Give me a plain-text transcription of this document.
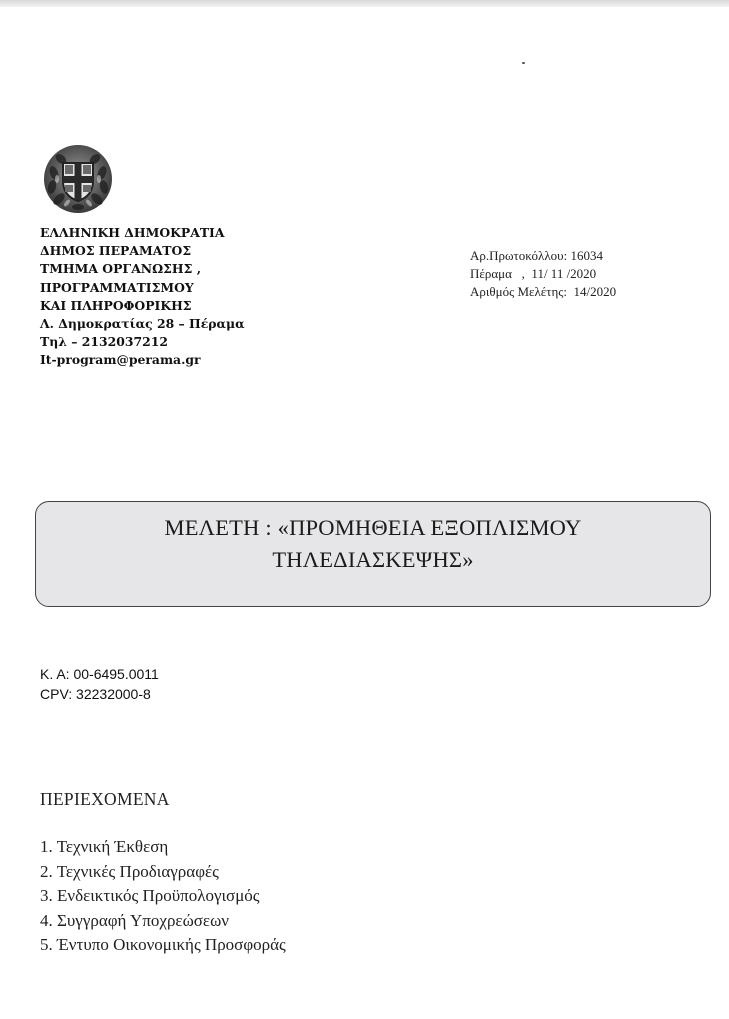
ΕΛΛΗΝΙΚΗ ΔΗΜΟΚΡΑΤΙΑ
ΔΗΜΟΣ ΠΕΡΑΜΑΤΟΣ
ΤΜΗΜΑ ΟΡΓΑΝΩΣΗΣ ,
ΠΡΟΓΡΑΜΜΑΤΙΣΜΟΥ
ΚΑΙ ΠΛΗΡΟΦΟΡΙΚΗΣ
Λ. Δημοκρατίας 28 – Πέραμα
Τηλ – 2132037212
It-program@perama.gr
Αρ.Πρωτοκόλλου: 16034
Πέραμα   ,  11/ 11 /2020
Αριθμός Μελέτης:  14/2020
ΜΕΛΕΤΗ : «ΠΡΟΜΗΘΕΙΑ ΕΞΟΠΛΙΣΜΟΥ
ΤΗΛΕΔΙΑΣΚΕΨΗΣ»
Κ. Α: 00-6495.0011
CPV: 32232000-8
ΠΕΡΙΕΧΟΜΕΝΑ
1. Τεχνική Έκθεση
2. Τεχνικές Προδιαγραφές
3. Ενδεικτικός Προϋπολογισμός
4. Συγγραφή Υποχρεώσεων
5. Έντυπο Οικονομικής Προσφοράς
